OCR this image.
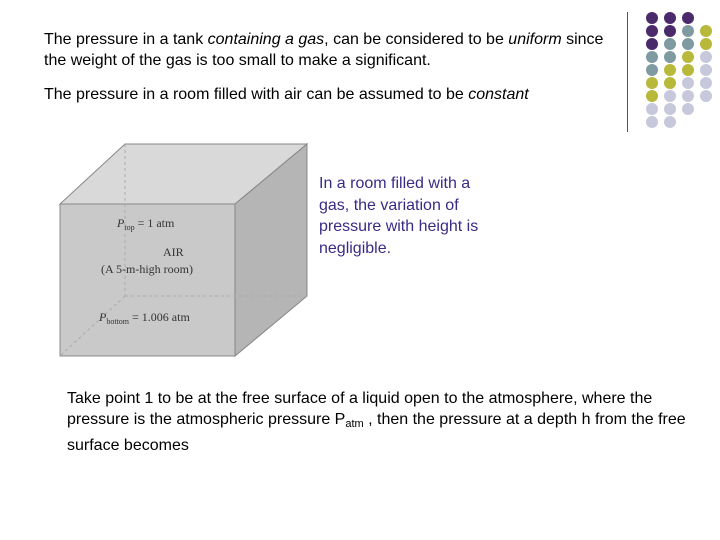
The pressure in a tank containing a gas, can be considered to be uniform since the weight of the gas is too small to make a significant.

The pressure in a room filled with air can be assumed to be constant

$P_{top} = 1$ atm
AIR
(A 5-m-high room)
$P_{bottom} = 1.006$ atm
In a room filled with a gas, the variation of pressure with height is negligible.

Take point 1 to be at the free surface of a liquid open to the atmosphere, where the pressure is the atmospheric pressure $P_{atm}$ , then the pressure at a depth h from the free surface becomes
